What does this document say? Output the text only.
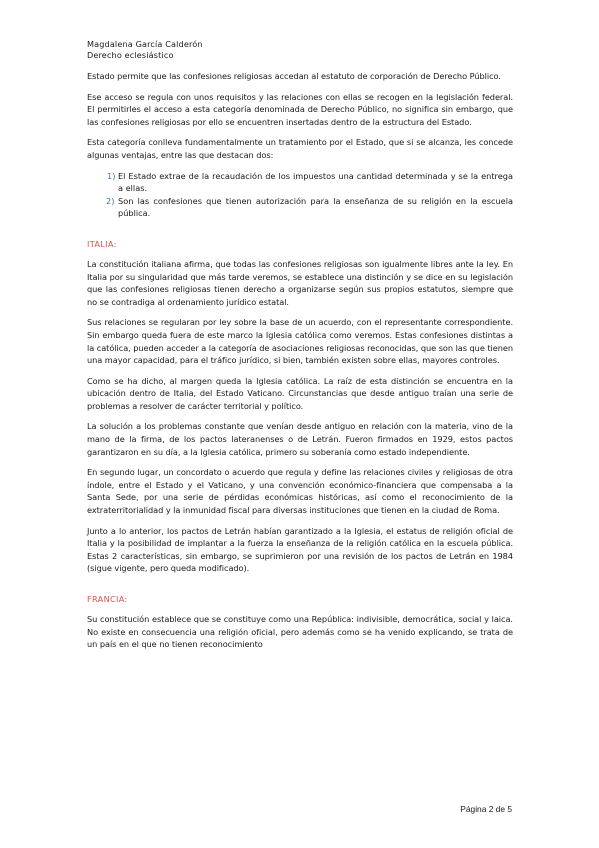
Magdalena García Calderón
Derecho eclesiástico

Estado permite que las confesiones religiosas accedan al estatuto de corporación de Derecho Público.

Ese acceso se regula con unos requisitos y las relaciones con ellas se recogen en la legislación federal. El permitirles el acceso a esta categoría denominada de Derecho Público, no significa sin embargo, que las confesiones religiosas por ello se encuentren insertadas dentro de la estructura del Estado.

Esta categoría conlleva fundamentalmente un tratamiento por el Estado, que si se alcanza, les concede algunas ventajas, entre las que destacan dos:

1) El Estado extrae de la recaudación de los impuestos una cantidad determinada y se la entrega a ellas.
2) Son las confesiones que tienen autorización para la enseñanza de su religión en la escuela pública.
ITALIA:

La constitución italiana afirma, que todas las confesiones religiosas son igualmente libres ante la ley. En Italia por su singularidad que más tarde veremos, se establece una distinción y se dice en su legislación que las confesiones religiosas tienen derecho a organizarse según sus propios estatutos, siempre que no se contradiga al ordenamiento jurídico estatal.

Sus relaciones se regularan por ley sobre la base de un acuerdo, con el representante correspondiente. Sin embargo queda fuera de este marco la Iglesia católica como veremos. Estas confesiones distintas a la católica, pueden acceder a la categoría de asociaciones religiosas reconocidas, que son las que tienen una mayor capacidad, para el tráfico jurídico, si bien, también existen sobre ellas, mayores controles.

Como se ha dicho, al margen queda la Iglesia católica. La raíz de esta distinción se encuentra en la ubicación dentro de Italia, del Estado Vaticano. Circunstancias que desde antiguo traían una serie de problemas a resolver de carácter territorial y político.

La solución a los problemas constante que venían desde antiguo en relación con la materia, vino de la mano de la firma, de los pactos lateranenses o de Letrán. Fueron firmados en 1929, estos pactos garantizaron en su día, a la Iglesia católica, primero su soberanía como estado independiente.

En segundo lugar, un concordato o acuerdo que regula y define las relaciones civiles y religiosas de otra índole, entre el Estado y el Vaticano, y una convención económico-financiera que compensaba a la Santa Sede, por una serie de pérdidas económicas históricas, así como el reconocimiento de la extraterritorialidad y la inmunidad fiscal para diversas instituciones que tienen en la ciudad de Roma.

Junto a lo anterior, los pactos de Letrán habían garantizado a la Iglesia, el estatus de religión oficial de Italia y la posibilidad de implantar a la fuerza la enseñanza de la religión católica en la escuela pública. Estas 2 características, sin embargo, se suprimieron por una revisión de los pactos de Letrán en 1984 (sigue vigente, pero queda modificado).

FRANCIA:

Su constitución establece que se constituye como una República: indivisible, democrática, social y laica. No existe en consecuencia una religión oficial, pero además como se ha venido explicando, se trata de un país en el que no tienen reconocimiento

Página 2 de 5
